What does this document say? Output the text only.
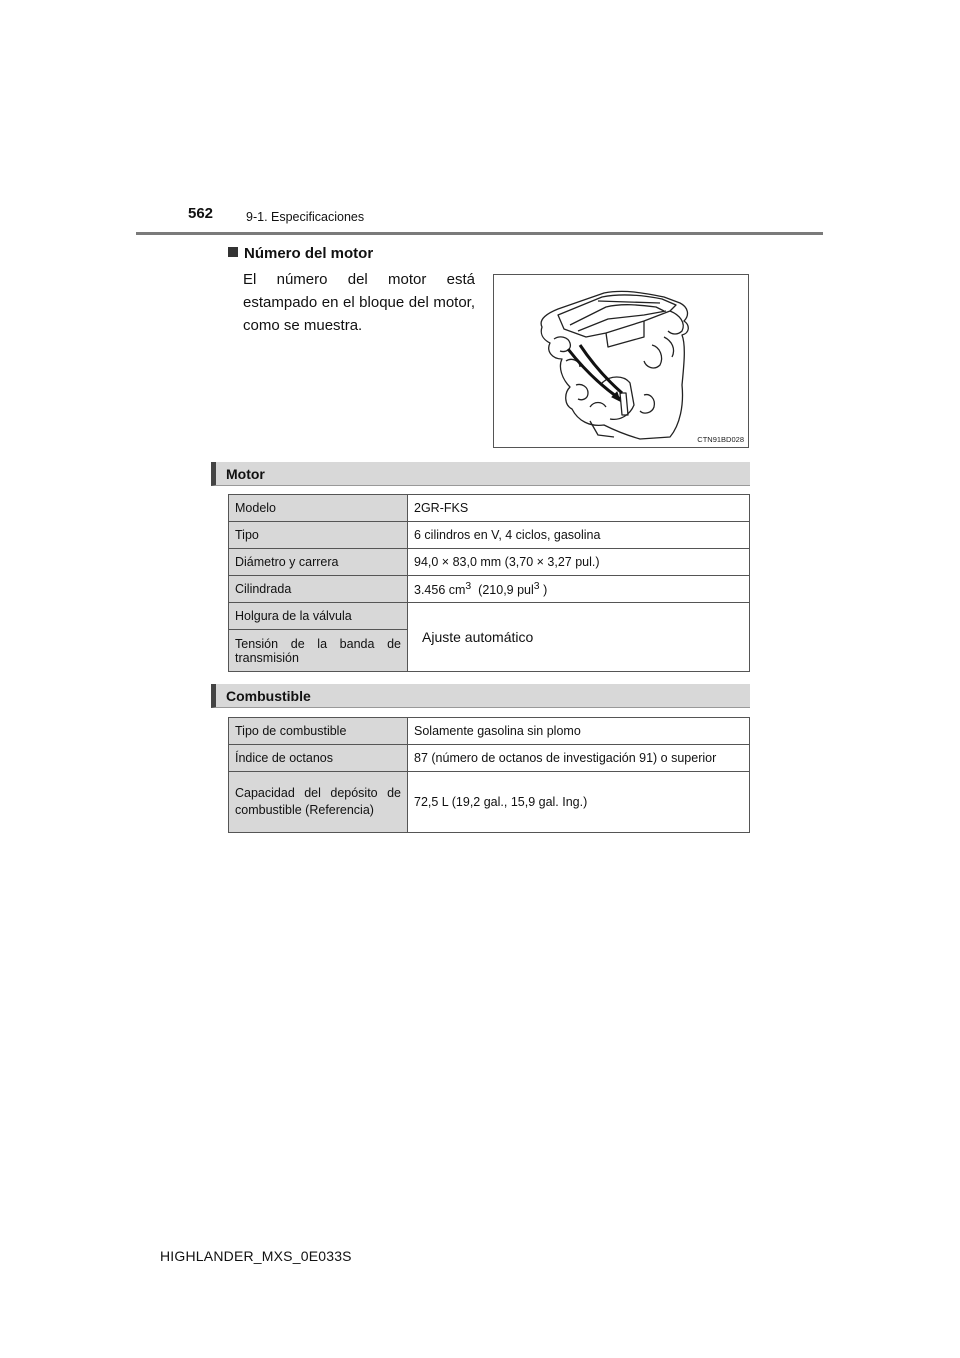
562	9-1. Especificaciones
Número del motor
El número del motor está estampado en el bloque del motor, como se muestra.
CTN91BD028
Motor
Modelo	2GR-FKS
Tipo	6 cilindros en V, 4 ciclos, gasolina
Diámetro y carrera	94,0 × 83,0 mm (3,70 × 3,27 pul.)
Cilindrada	3.456 $cm^3$ (210,9 pul$^3$ )
Holgura de la válvula	Ajuste automático
Tensión de la banda de transmisión	
Combustible
Tipo de combustible	Solamente gasolina sin plomo
Índice de octanos	87 (número de octanos de investigación 91) o superior
Capacidad del depósito de combustible (Referencia)	72,5 L (19,2 gal., 15,9 gal. Ing.)
HIGHLANDER_MXS_0E033S
